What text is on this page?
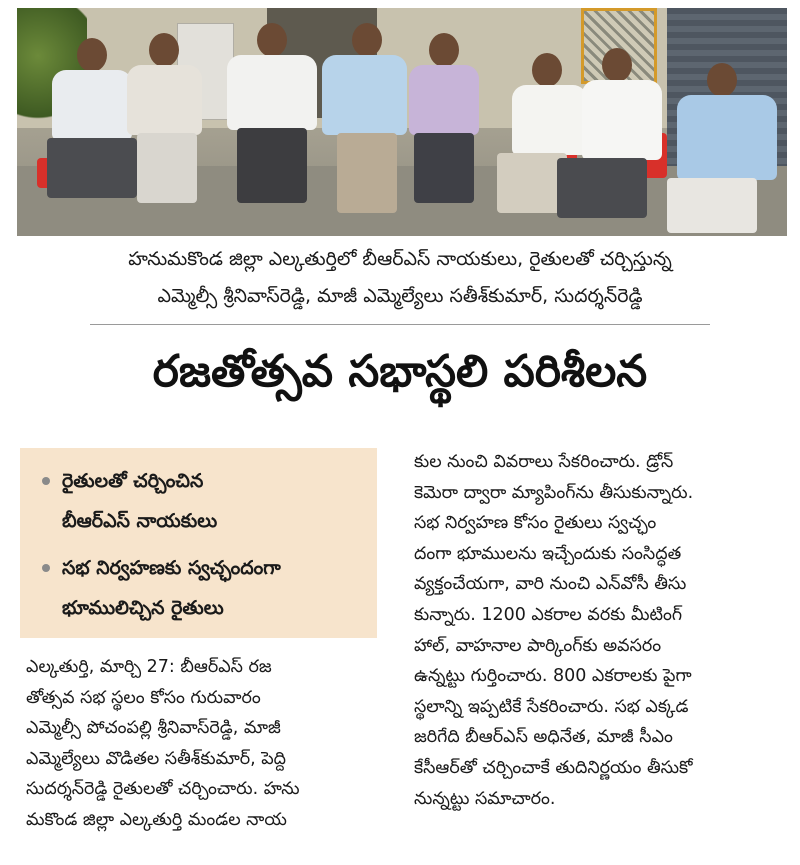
హనుమకొండ జిల్లా ఎల్కతుర్తిలో బీఆర్ఎస్ నాయకులు, రైతులతో చర్చిస్తున్న
ఎమ్మెల్సీ శ్రీనివాస్‌రెడ్డి, మాజీ ఎమ్మెల్యేలు సతీశ్‌కుమార్, సుదర్శన్‌రెడ్డి
రజతోత్సవ సభాస్థలి పరిశీలన
రైతులతో చర్చించిన
బీఆర్ఎస్ నాయకులు
సభ నిర్వహణకు స్వచ్ఛందంగా
భూములిచ్చిన రైతులు
ఎల్కతుర్తి, మార్చి 27: బీఆర్ఎస్ రజ
తోత్సవ సభ స్థలం కోసం గురువారం
ఎమ్మెల్సీ పోచంపల్లి శ్రీనివాస్‌రెడ్డి, మాజీ
ఎమ్మెల్యేలు వొడితల సతీశ్‌కుమార్, పెద్ది
సుదర్శన్‌రెడ్డి రైతులతో చర్చించారు. హను
మకొండ జిల్లా ఎల్కతుర్తి మండల నాయ
కుల నుంచి వివరాలు సేకరించారు. డ్రోన్
కెమెరా ద్వారా మ్యాపింగ్‌ను తీసుకున్నారు.
సభ నిర్వహణ కోసం రైతులు స్వచ్ఛం
దంగా భూములను ఇచ్చేందుకు సంసిద్ధత
వ్యక్తంచేయగా, వారి నుంచి ఎన్‌వోసీ తీసు
కున్నారు. 1200 ఎకరాల వరకు మీటింగ్
హాల్, వాహనాల పార్కింగ్‌కు అవసరం
ఉన్నట్టు గుర్తించారు. 800 ఎకరాలకు పైగా
స్థలాన్ని ఇప్పటికే సేకరించారు. సభ ఎక్కడ
జరిగేది బీఆర్ఎస్ అధినేత, మాజీ సీఎం
కేసీఆర్‌తో చర్చించాకే తుదినిర్ణయం తీసుకో
నున్నట్టు సమాచారం.
